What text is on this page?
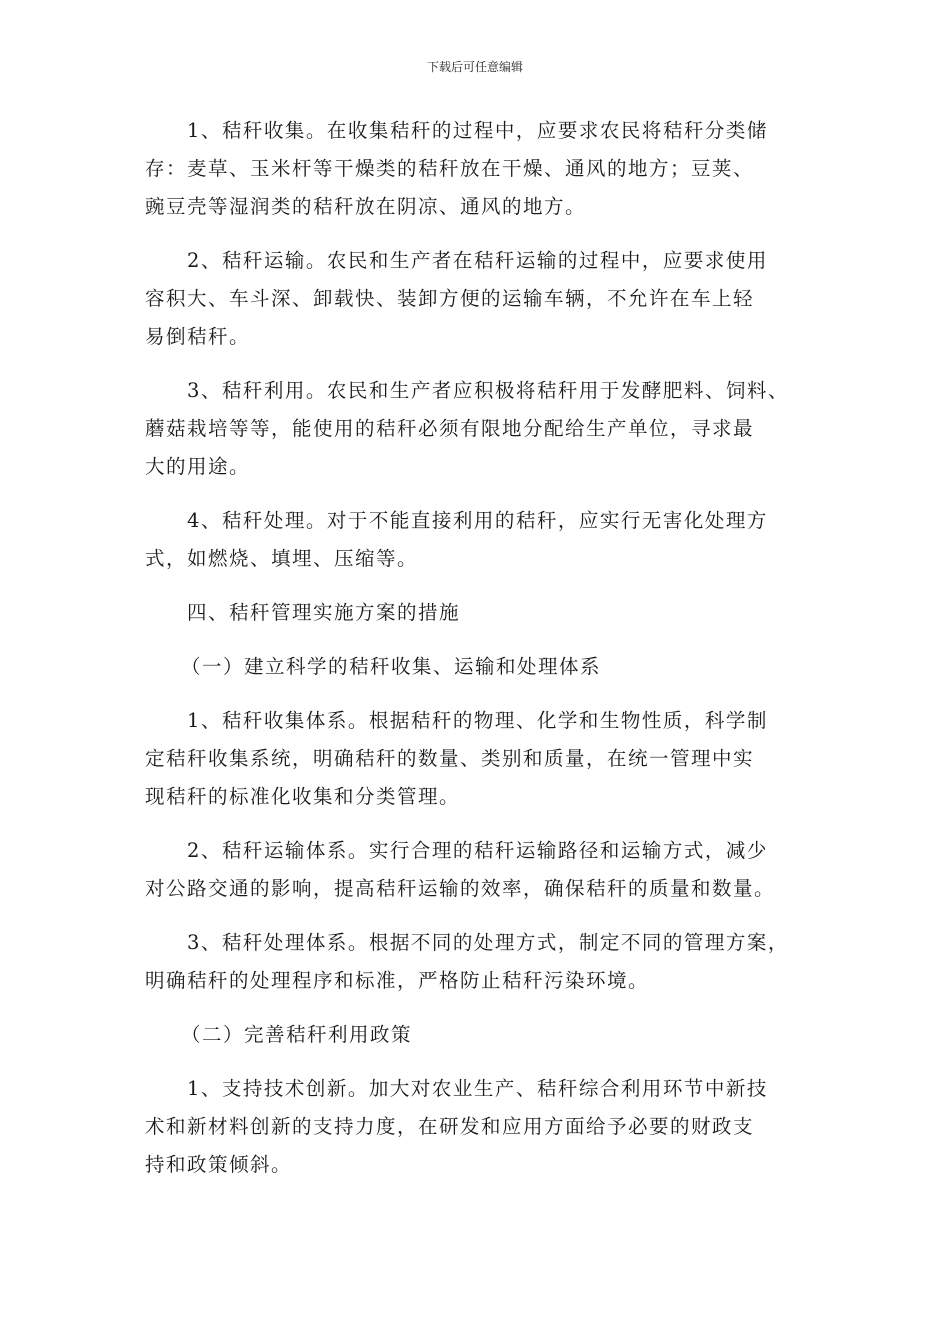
下载后可任意编辑
1、秸秆收集。在收集秸秆的过程中，应要求农民将秸秆分类储
存：麦草、玉米杆等干燥类的秸秆放在干燥、通风的地方；豆荚、
豌豆壳等湿润类的秸秆放在阴凉、通风的地方。
2、秸秆运输。农民和生产者在秸秆运输的过程中，应要求使用
容积大、车斗深、卸载快、装卸方便的运输车辆，不允许在车上轻
易倒秸秆。
3、秸秆利用。农民和生产者应积极将秸秆用于发酵肥料、饲料、
蘑菇栽培等等，能使用的秸秆必须有限地分配给生产单位，寻求最
大的用途。
4、秸秆处理。对于不能直接利用的秸秆，应实行无害化处理方
式，如燃烧、填埋、压缩等。
四、秸秆管理实施方案的措施
（一）建立科学的秸秆收集、运输和处理体系
1、秸秆收集体系。根据秸秆的物理、化学和生物性质，科学制
定秸秆收集系统，明确秸秆的数量、类别和质量，在统一管理中实
现秸秆的标准化收集和分类管理。
2、秸秆运输体系。实行合理的秸秆运输路径和运输方式，减少
对公路交通的影响，提高秸秆运输的效率，确保秸秆的质量和数量。
3、秸秆处理体系。根据不同的处理方式，制定不同的管理方案，
明确秸秆的处理程序和标准，严格防止秸秆污染环境。
（二）完善秸秆利用政策
1、支持技术创新。加大对农业生产、秸秆综合利用环节中新技
术和新材料创新的支持力度，在研发和应用方面给予必要的财政支
持和政策倾斜。
